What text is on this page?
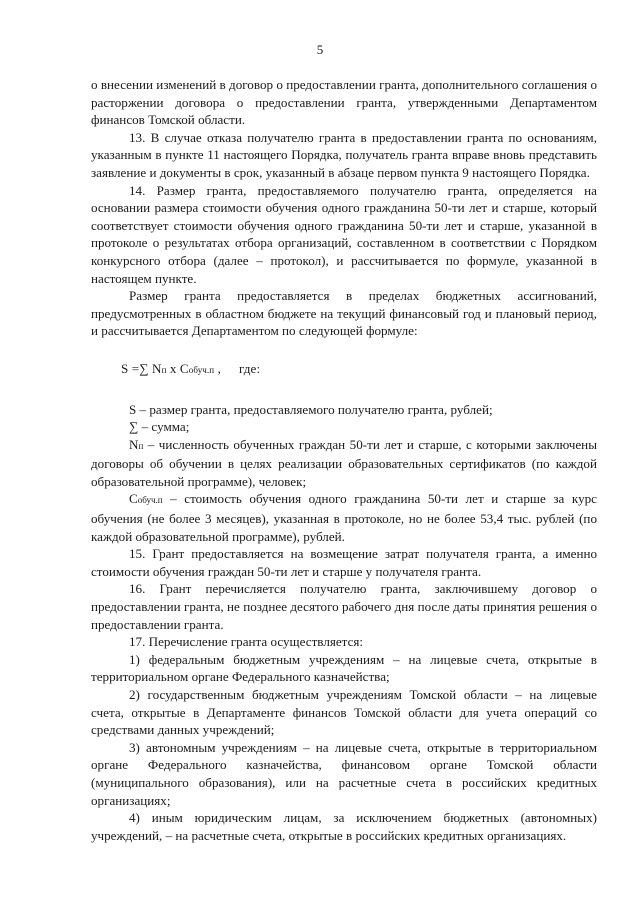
5

о внесении изменений в договор о предоставлении гранта, дополнительного соглашения о расторжении договора о предоставлении гранта, утвержденными Департаментом финансов Томской области.

13. В случае отказа получателю гранта в предоставлении гранта по основаниям, указанным в пункте 11 настоящего Порядка, получатель гранта вправе вновь представить заявление и документы в срок, указанный в абзаце первом пункта 9 настоящего Порядка.

14. Размер гранта, предоставляемого получателю гранта, определяется на основании размера стоимости обучения одного гражданина 50-ти лет и старше, который соответствует стоимости обучения одного гражданина 50-ти лет и старше, указанной в протоколе о результатах отбора организаций, составленном в соответствии с Порядком конкурсного отбора (далее – протокол), и рассчитывается по формуле, указанной в настоящем пункте.

Размер гранта предоставляется в пределах бюджетных ассигнований, предусмотренных в областном бюджете на текущий финансовый год и плановый период, и рассчитывается Департаментом по следующей формуле:

S =∑ Nп х Cобуч.п , где:

S – размер гранта, предоставляемого получателю гранта, рублей;

∑ – сумма;

Nп – численность обученных граждан 50-ти лет и старше, с которыми заключены договоры об обучении в целях реализации образовательных сертификатов (по каждой образовательной программе), человек;

Cобуч.п – стоимость обучения одного гражданина 50-ти лет и старше за курс обучения (не более 3 месяцев), указанная в протоколе, но не более 53,4 тыс. рублей (по каждой образовательной программе), рублей.

15. Грант предоставляется на возмещение затрат получателя гранта, а именно стоимости обучения граждан 50-ти лет и старше у получателя гранта.

16. Грант перечисляется получателю гранта, заключившему договор о предоставлении гранта, не позднее десятого рабочего дня после даты принятия решения о предоставлении гранта.

17. Перечисление гранта осуществляется:

1) федеральным бюджетным учреждениям – на лицевые счета, открытые в территориальном органе Федерального казначейства;

2) государственным бюджетным учреждениям Томской области – на лицевые счета, открытые в Департаменте финансов Томской области для учета операций со средствами данных учреждений;

3) автономным учреждениям – на лицевые счета, открытые в территориальном органе Федерального казначейства, финансовом органе Томской области (муниципального образования), или на расчетные счета в российских кредитных организациях;

4) иным юридическим лицам, за исключением бюджетных (автономных) учреждений, – на расчетные счета, открытые в российских кредитных организациях.
